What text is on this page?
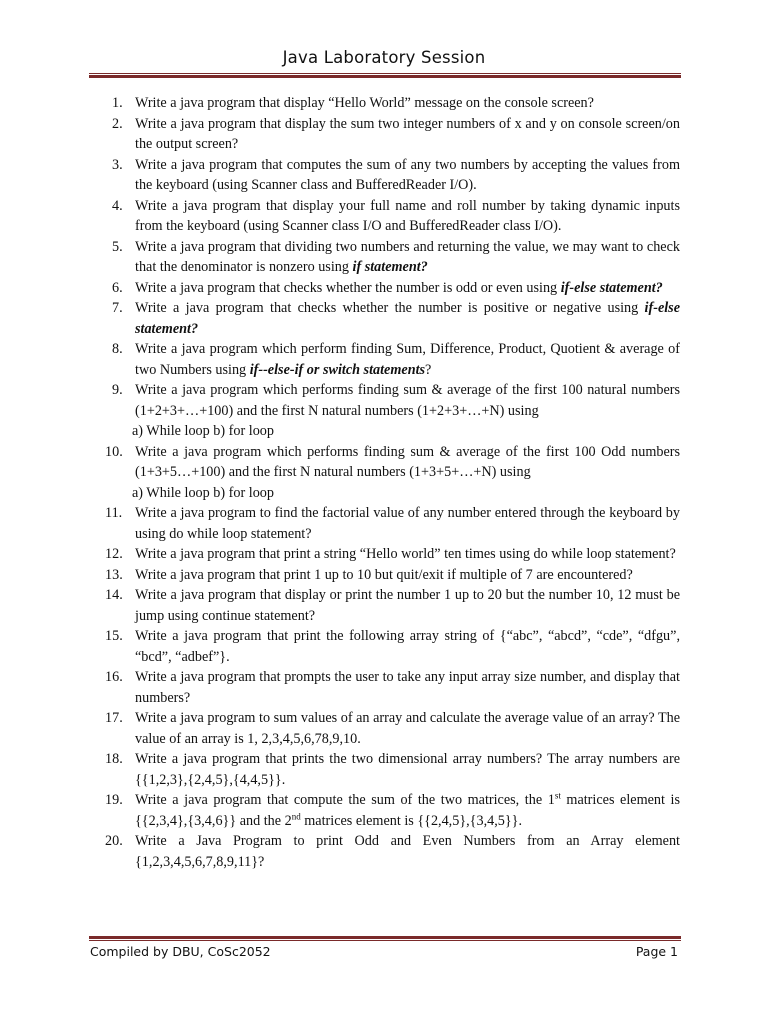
Java Laboratory Session
1. Write a java program that display “Hello World” message on the console screen?
2. Write a java program that display the sum two integer numbers of x and y on console screen/on the output screen?
3. Write a java program that computes the sum of any two numbers by accepting the values from the keyboard (using Scanner class and BufferedReader I/O).
4. Write a java program that display your full name and roll number by taking dynamic inputs from the keyboard (using Scanner class I/O and BufferedReader class I/O).
5. Write a java program that dividing two numbers and returning the value, we may want to check that the denominator is nonzero using if statement?
6. Write a java program that checks whether the number is odd or even using if-else statement?
7. Write a java program that checks whether the number is positive or negative using if-else statement?
8. Write a java program which perform finding Sum, Difference, Product, Quotient & average of two Numbers using if--else-if or switch statements?
9. Write a java program which performs finding sum & average of the first 100 natural numbers (1+2+3+…+100) and the first N natural numbers (1+2+3+…+N) using
a) While loop b) for loop
10. Write a java program which performs finding sum & average of the first 100 Odd numbers (1+3+5…+100) and the first N natural numbers (1+3+5+…+N) using
a) While loop b) for loop
11. Write a java program to find the factorial value of any number entered through the keyboard by using do while loop statement?
12. Write a java program that print a string “Hello world” ten times using do while loop statement?
13. Write a java program that print 1 up to 10 but quit/exit if multiple of 7 are encountered?
14. Write a java program that display or print the number 1 up to 20 but the number 10, 12 must be jump using continue statement?
15. Write a java program that print the following array string of {“abc”, “abcd”, “cde”, “dfgu”, “bcd”, “adbef”}.
16. Write a java program that prompts the user to take any input array size number, and display that numbers?
17. Write a java program to sum values of an array and calculate the average value of an array? The value of an array is 1, 2,3,4,5,6,78,9,10.
18. Write a java program that prints the two dimensional array numbers? The array numbers are {{1,2,3},{2,4,5},{4,4,5}}.
19. Write a java program that compute the sum of the two matrices, the 1st matrices element is {{2,3,4},{3,4,6}} and the 2nd matrices element is {{2,4,5},{3,4,5}}.
20. Write a Java Program to print Odd and Even Numbers from an Array element {1,2,3,4,5,6,7,8,9,11}?
Compiled by DBU, CoSc2052	Page 1
